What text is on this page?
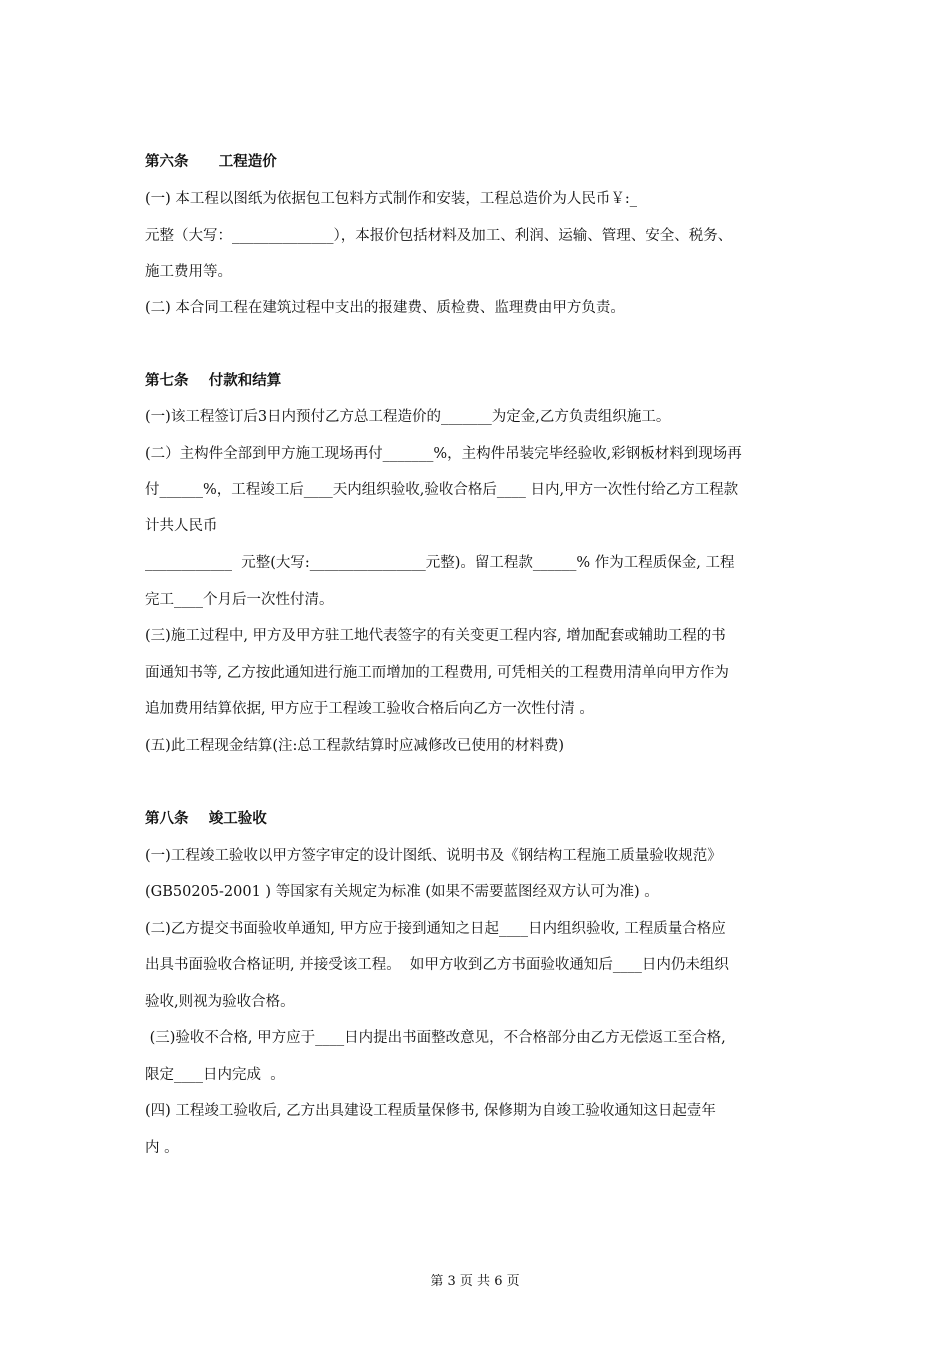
第六条      工程造价
(一) 本工程以图纸为依据包工包料方式制作和安装，工程总造价为人民币￥:_
元整（大写：______________），本报价包括材料及加工、利润、运输、管理、安全、税务、
施工费用等。
(二) 本合同工程在建筑过程中支出的报建费、质检费、监理费由甲方负责。
第七条    付款和结算
(一)该工程签订后3日内预付乙方总工程造价的_______为定金,乙方负责组织施工。
(二）主构件全部到甲方施工现场再付_______%，主构件吊装完毕经验收,彩钢板材料到现场再
付______%，工程竣工后____天内组织验收,验收合格后____ 日内,甲方一次性付给乙方工程款
计共人民币
____________  元整(大写:________________元整)。留工程款______% 作为工程质保金, 工程
完工____个月后一次性付清。
(三)施工过程中, 甲方及甲方驻工地代表签字的有关变更工程内容, 增加配套或辅助工程的书
面通知书等, 乙方按此通知进行施工而增加的工程费用, 可凭相关的工程费用清单向甲方作为
追加费用结算依据, 甲方应于工程竣工验收合格后向乙方一次性付清 。
(五)此工程现金结算(注:总工程款结算时应减修改已使用的材料费)
第八条    竣工验收
(一)工程竣工验收以甲方签字审定的设计图纸、说明书及《钢结构工程施工质量验收规范》
(GB50205-2001 ) 等国家有关规定为标准 (如果不需要蓝图经双方认可为准) 。
(二)乙方提交书面验收单通知, 甲方应于接到通知之日起____日内组织验收, 工程质量合格应
出具书面验收合格证明, 并接受该工程。  如甲方收到乙方书面验收通知后____日内仍未组织
验收,则视为验收合格。
(三)验收不合格, 甲方应于____日内提出书面整改意见，不合格部分由乙方无偿返工至合格,
限定____日内完成  。
(四) 工程竣工验收后, 乙方出具建设工程质量保修书, 保修期为自竣工验收通知这日起壹年
内 。
第 3 页 共 6 页
